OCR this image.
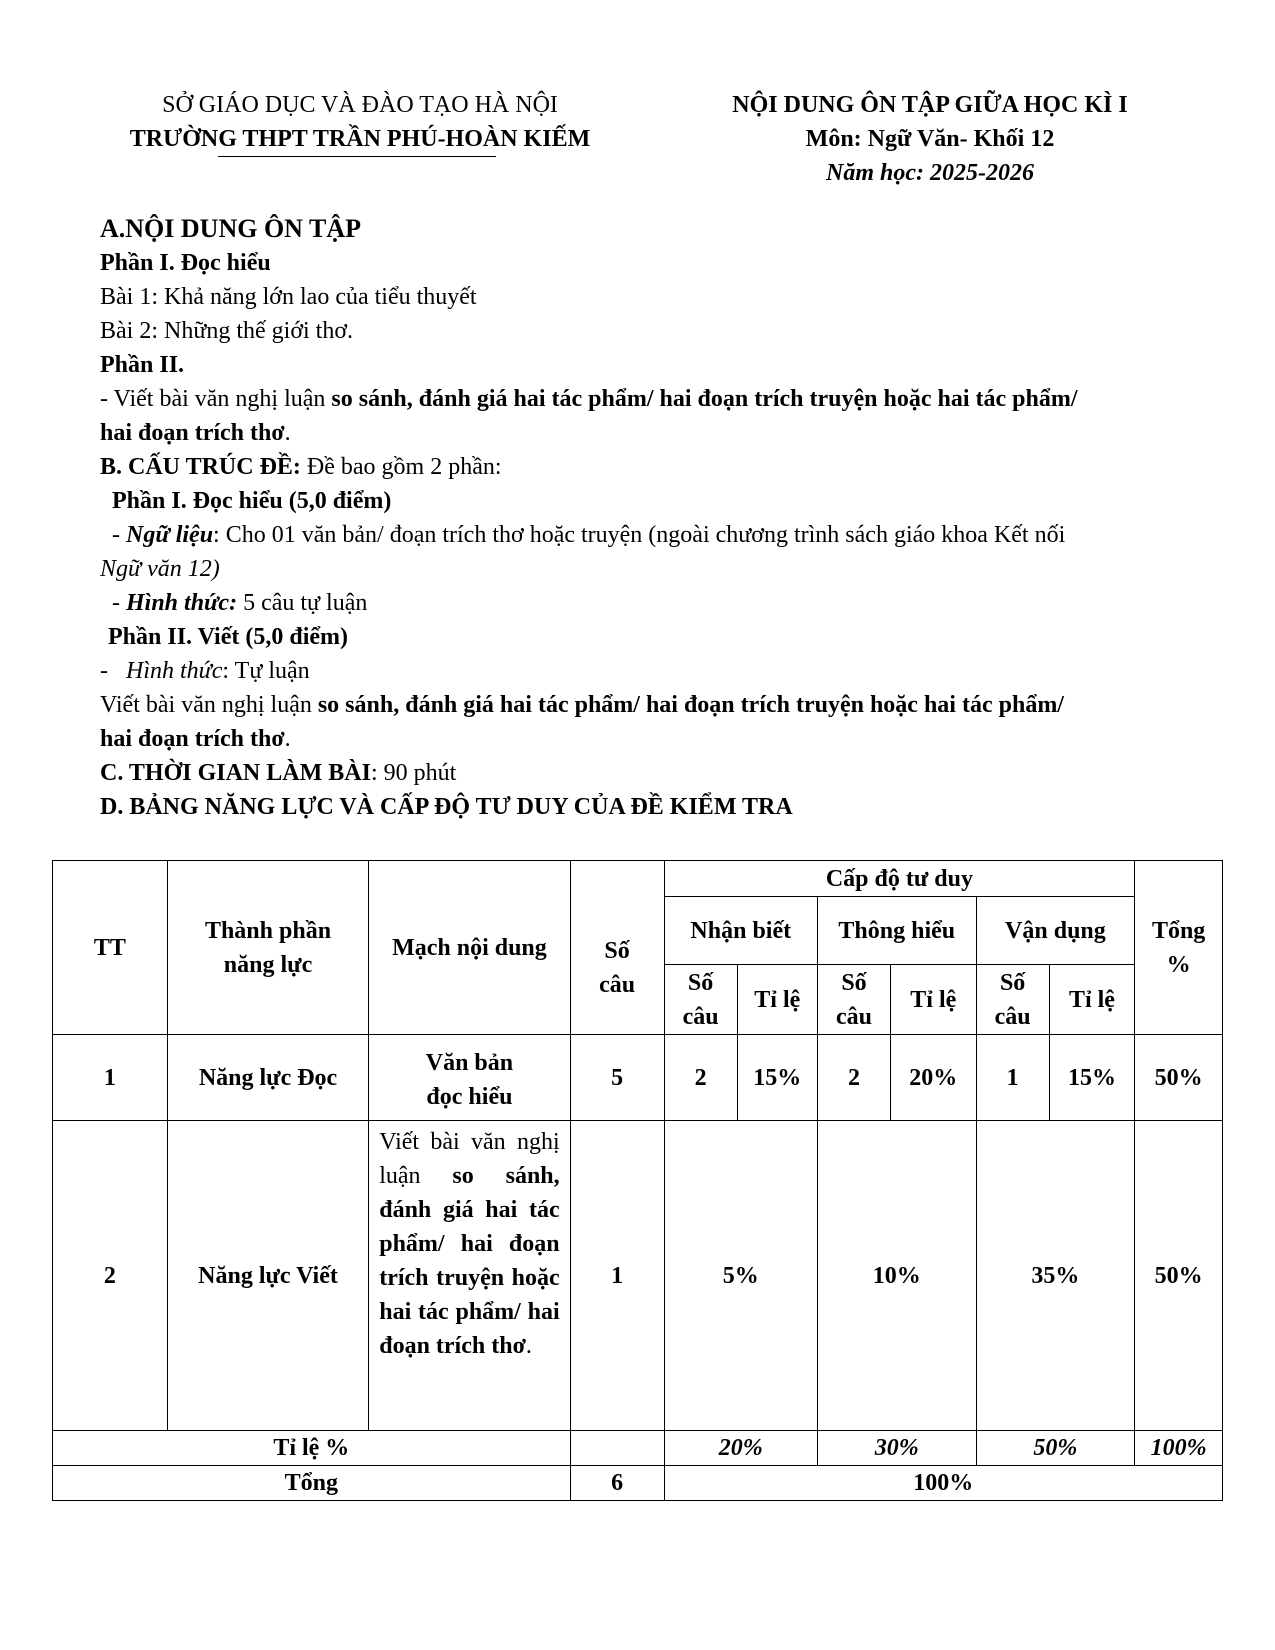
SỞ GIÁO DỤC VÀ ĐÀO TẠO HÀ NỘI
TRƯỜNG THPT TRẦN PHÚ-HOÀN KIẾM
NỘI DUNG ÔN TẬP GIỮA HỌC KÌ I
Môn: Ngữ Văn- Khối 12
Năm học: 2025-2026

A.NỘI DUNG ÔN TẬP

Phần I. Đọc hiểu

Bài 1: Khả năng lớn lao của tiểu thuyết

Bài 2: Những thế giới thơ.

Phần II.

- Viết bài văn nghị luận so sánh, đánh giá hai tác phẩm/ hai đoạn trích truyện hoặc hai tác phẩm/

hai đoạn trích thơ.

B. CẤU TRÚC ĐỀ: Đề bao gồm 2 phần:

Phần I. Đọc hiểu (5,0 điểm)

- Ngữ liệu: Cho 01 văn bản/ đoạn trích thơ hoặc truyện (ngoài chương trình sách giáo khoa Kết nối

Ngữ văn 12)

- Hình thức: 5 câu tự luận

Phần II. Viết (5,0 điểm)

-   Hình thức: Tự luận

Viết bài văn nghị luận so sánh, đánh giá hai tác phẩm/ hai đoạn trích truyện hoặc hai tác phẩm/

hai đoạn trích thơ.

C. THỜI GIAN LÀM BÀI: 90 phút

D. BẢNG NĂNG LỰC VÀ CẤP ĐỘ TƯ DUY CỦA ĐỀ KIỂM TRA

TT	Thành phần năng lực	Mạch nội dung	Số câu	Cấp độ tư duy						Tổng %
				Nhận biết		Thông hiểu		Vận dụng		
				Số câu	Tỉ lệ	Số câu	Tỉ lệ	Số câu	Tỉ lệ	
1	Năng lực Đọc	Văn bản đọc hiểu	5	2	15%	2	20%	1	15%	50%
2	Năng lực Viết	Viết bài văn nghị luận so sánh, đánh giá hai tác phẩm/ hai đoạn trích truyện hoặc hai tác phẩm/ hai đoạn trích thơ.	1	5%		10%		35%		50%
Tỉ lệ %				20%		30%		50%		100%
Tổng			6	100%						
